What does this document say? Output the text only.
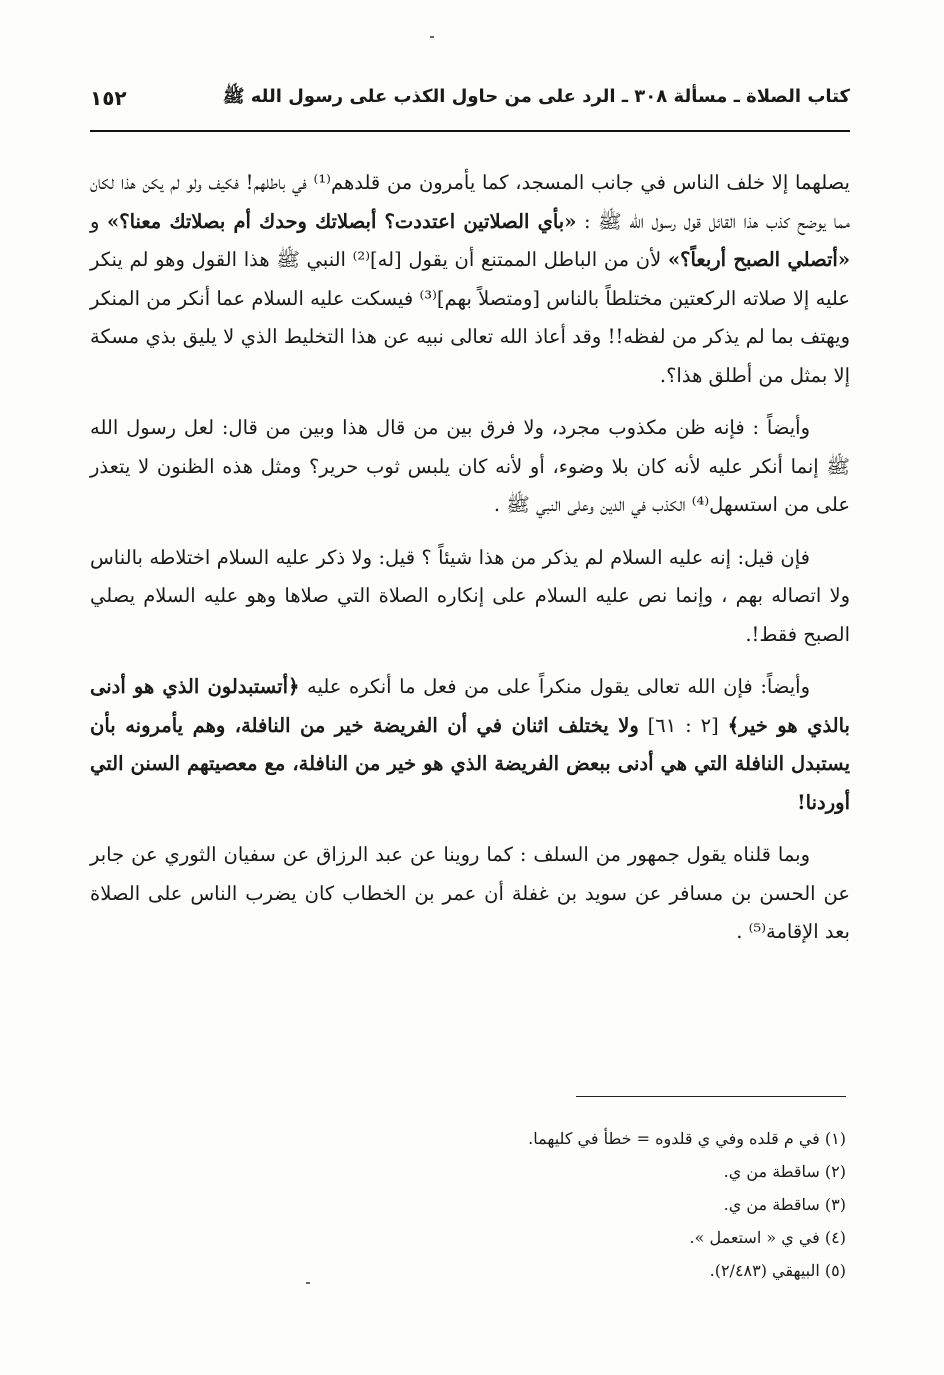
كتاب الصلاة ـ مسألة ٣٠٨ ـ الرد على من حاول الكذب على رسول الله ﷺ
١٥٢

يصلهما إلا خلف الناس في جانب المسجد، كما يأمرون من قلدهم⁽¹⁾ في باطلهم! فكيف ولو لم يكن هذا لكان مما يوضح كذب هذا القائل قول رسول الله ﷺ : «بأي الصلاتين اعتددت؟ أبصلاتك وحدك أم بصلاتك معنا؟» و «أتصلي الصبح أربعاً؟» لأن من الباطل الممتنع أن يقول [له]⁽²⁾ النبي ﷺ هذا القول وهو لم ينكر عليه إلا صلاته الركعتين مختلطاً بالناس [ومتصلاً بهم]⁽³⁾ فيسكت عليه السلام عما أنكر من المنكر ويهتف بما لم يذكر من لفظه!! وقد أعاذ الله تعالى نبيه عن هذا التخليط الذي لا يليق بذي مسكة إلا بمثل من أطلق هذا؟.

وأيضاً : فإنه ظن مكذوب مجرد، ولا فرق بين من قال هذا وبين من قال: لعل رسول الله ﷺ إنما أنكر عليه لأنه كان بلا وضوء، أو لأنه كان يلبس ثوب حرير؟ ومثل هذه الظنون لا يتعذر على من استسهل⁽⁴⁾ الكذب في الدين وعلى النبي ﷺ .

فإن قيل: إنه عليه السلام لم يذكر من هذا شيئاً ؟ قيل: ولا ذكر عليه السلام اختلاطه بالناس ولا اتصاله بهم ، وإنما نص عليه السلام على إنكاره الصلاة التي صلاها وهو عليه السلام يصلي الصبح فقط!.

وأيضاً: فإن الله تعالى يقول منكراً على من فعل ما أنكره عليه ﴿أتستبدلون الذي هو أدنى بالذي هو خير﴾ [٢ : ٦١] ولا يختلف اثنان في أن الفريضة خير من النافلة، وهم يأمرونه بأن يستبدل النافلة التي هي أدنى ببعض الفريضة الذي هو خير من النافلة، مع معصيتهم السنن التي أوردنا!

وبما قلناه يقول جمهور من السلف : كما روينا عن عبد الرزاق عن سفيان الثوري عن جابر عن الحسن بن مسافر عن سويد بن غفلة أن عمر بن الخطاب كان يضرب الناس على الصلاة بعد الإقامة⁽⁵⁾ .

(١) في م قلده وفي ي قلدوه = خطأ في كليهما.
(٢) ساقطة من ي.
(٣) ساقطة من ي.
(٤) في ي « استعمل ».
(٥) البيهقي (٢/٤٨٣).
